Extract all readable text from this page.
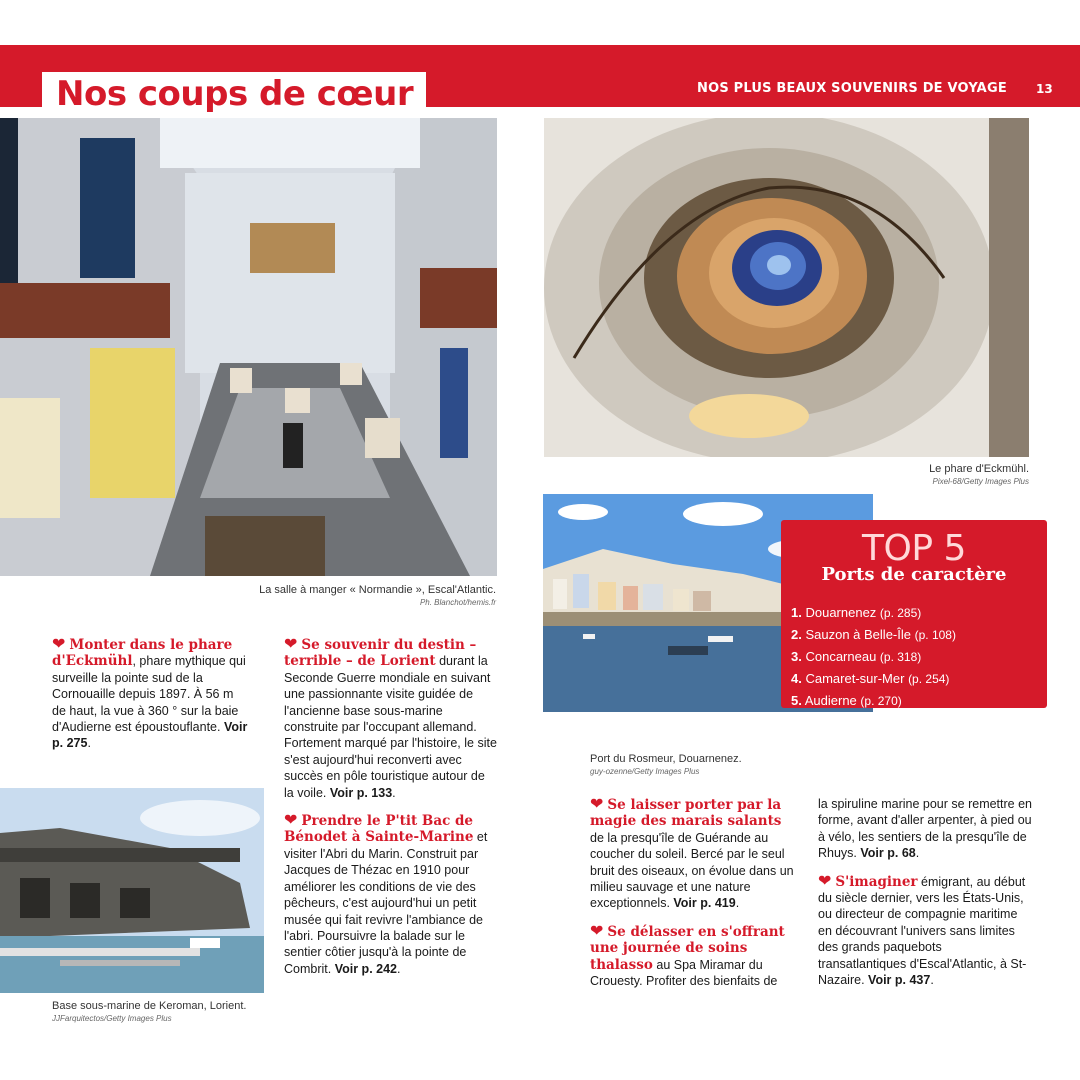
Nos coups de cœur	NOS PLUS BEAUX SOUVENIRS DE VOYAGE 13
La salle à manger « Normandie », Escal'Atlantic.
Ph. Blanchot/hemis.fr
Le phare d'Eckmühl.
Pixel-68/Getty Images Plus
Port du Rosmeur, Douarnenez.
guy-ozenne/Getty Images Plus
Base sous-marine de Keroman, Lorient.
JJFarquitectos/Getty Images Plus

❤ Monter dans le phare d'Eckmühl, phare mythique qui surveille la pointe sud de la Cornouaille depuis 1897. À 56 m de haut, la vue à 360 ° sur la baie d'Audierne est époustouflante. Voir p. 275.

❤ Se souvenir du destin – terrible – de Lorient durant la Seconde Guerre mondiale en suivant une passionnante visite guidée de l'ancienne base sous-marine construite par l'occupant allemand. Fortement marqué par l'histoire, le site s'est aujourd'hui reconverti avec succès en pôle touristique autour de la voile. Voir p. 133.

❤ Prendre le P'tit Bac de Bénodet à Sainte-Marine et visiter l'Abri du Marin. Construit par Jacques de Thézac en 1910 pour améliorer les conditions de vie des pêcheurs, c'est aujourd'hui un petit musée qui fait revivre l'ambiance de l'abri. Poursuivre la balade sur le sentier côtier jusqu'à la pointe de Combrit. Voir p. 242.

❤ Se laisser porter par la magie des marais salants de la presqu'île de Guérande au coucher du soleil. Bercé par le seul bruit des oiseaux, on évolue dans un milieu sauvage et une nature exceptionnels. Voir p. 419.

❤ Se délasser en s'offrant une journée de soins thalasso au Spa Miramar du Crouesty. Profiter des bienfaits de

la spiruline marine pour se remettre en forme, avant d'aller arpenter, à pied ou à vélo, les sentiers de la presqu'île de Rhuys. Voir p. 68.

❤ S'imaginer émigrant, au début du siècle dernier, vers les États-Unis, ou directeur de compagnie maritime en découvrant l'univers sans limites des grands paquebots transatlantiques d'Escal'Atlantic, à St-Nazaire. Voir p. 437.

TOP 5
Ports de caractère
1. Douarnenez (p. 285)
2. Sauzon à Belle-Île (p. 108)
3. Concarneau (p. 318)
4. Camaret-sur-Mer (p. 254)
5. Audierne (p. 270)
